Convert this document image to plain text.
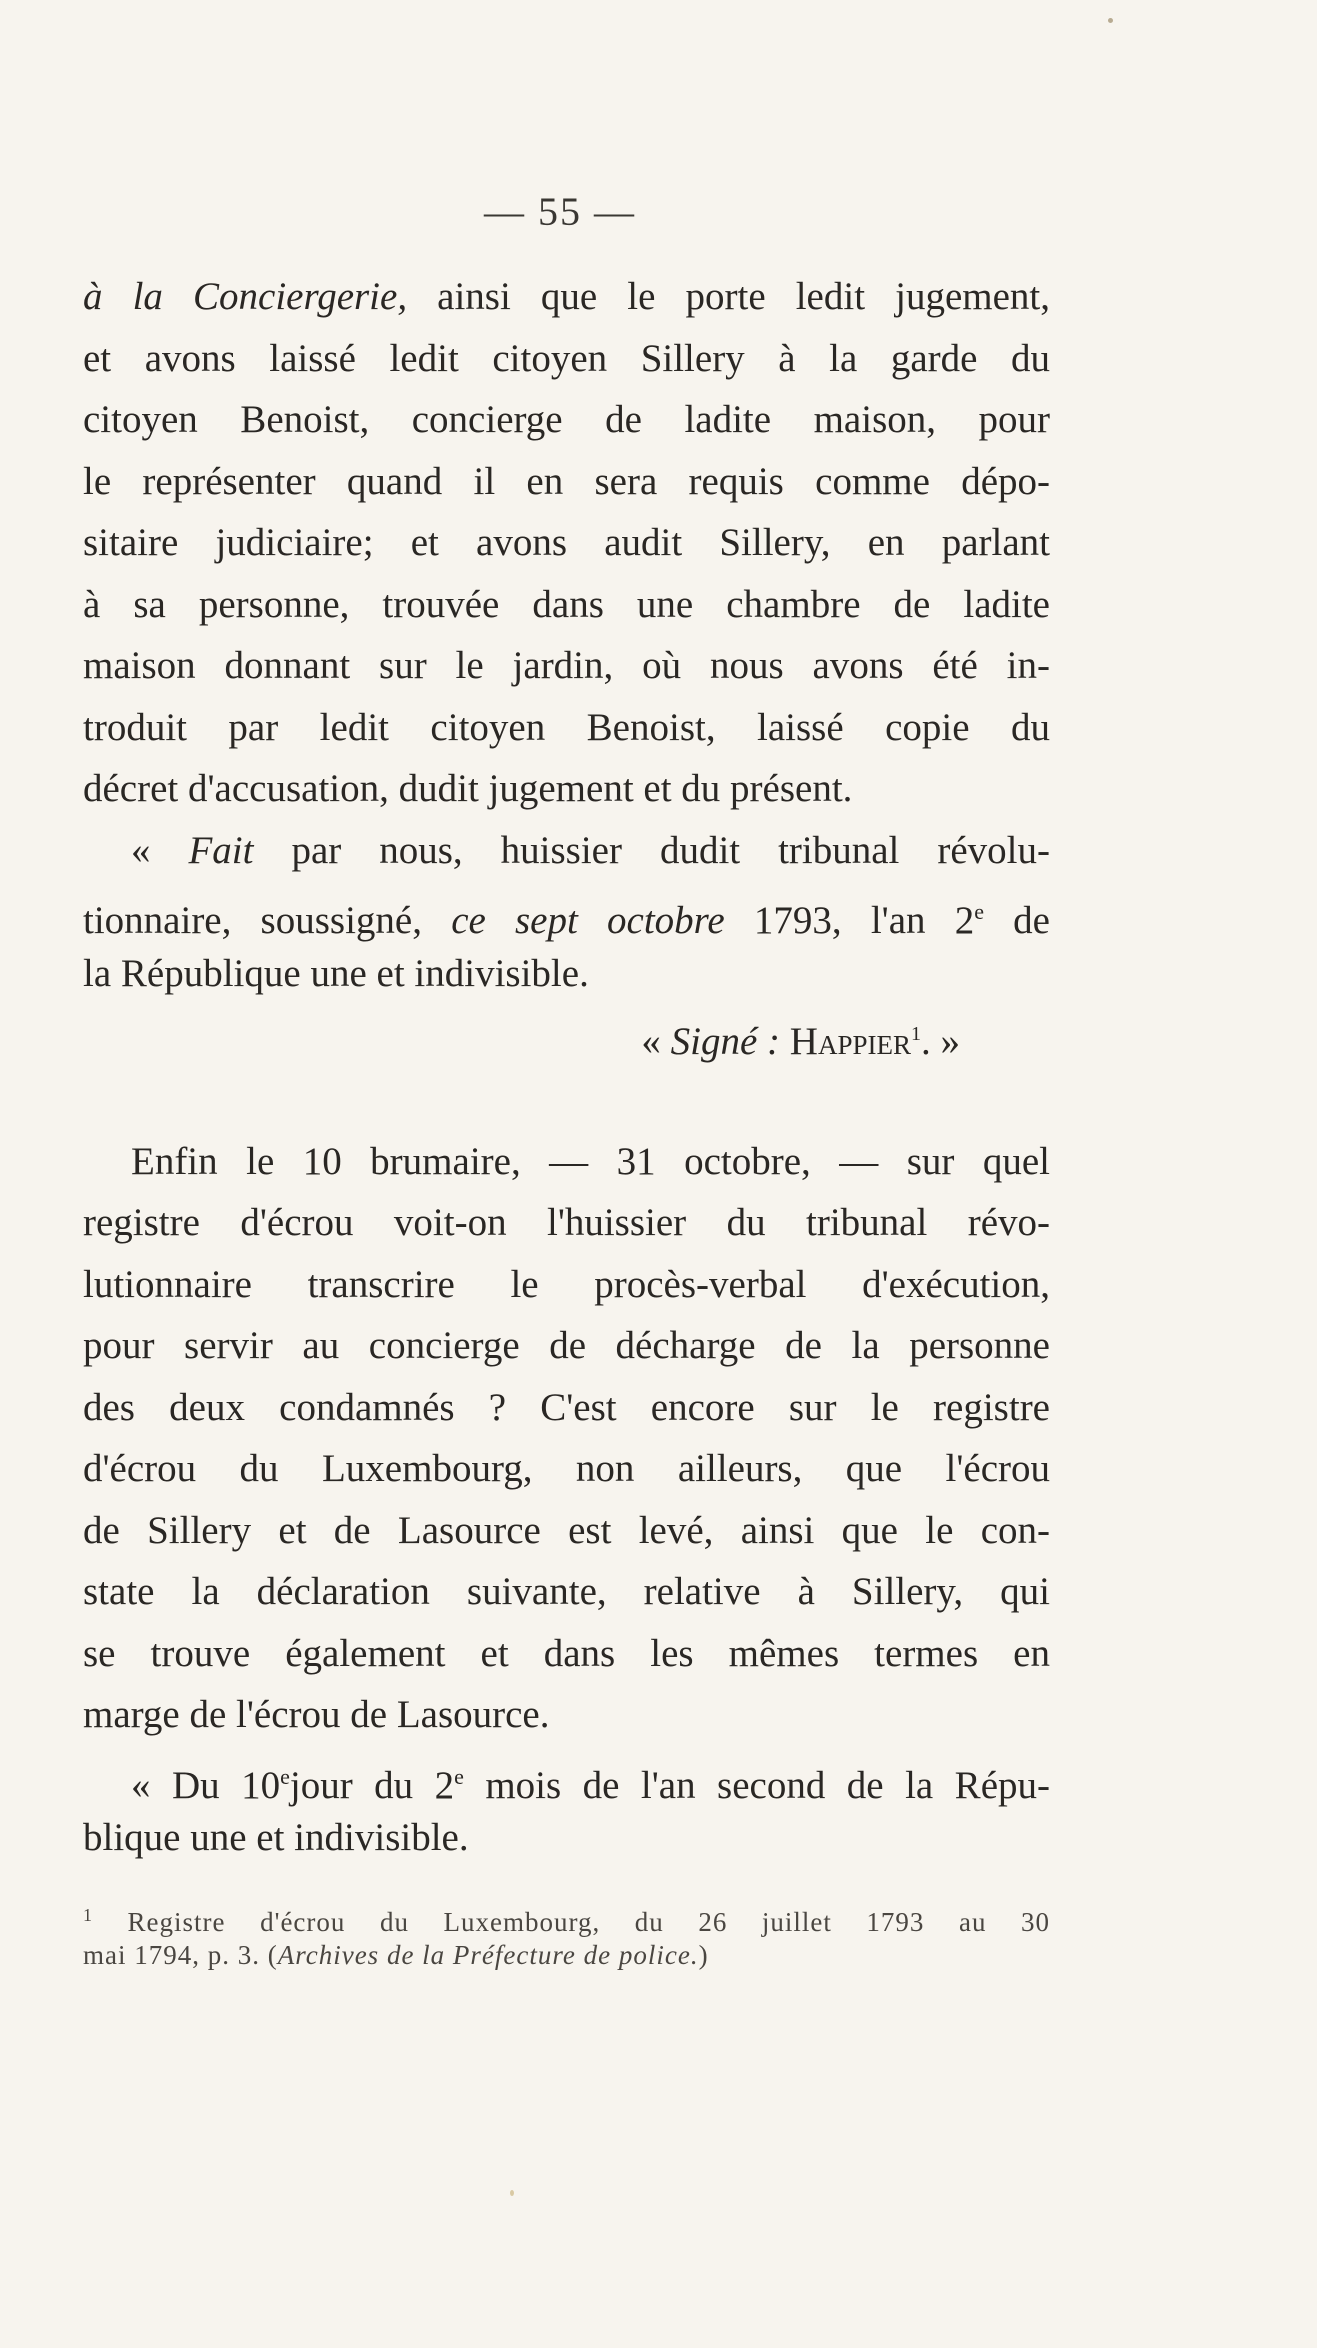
— 55 —
à la Conciergerie, ainsi que le porte ledit jugement,
et avons laissé ledit citoyen Sillery à la garde du
citoyen Benoist, concierge de ladite maison, pour
le représenter quand il en sera requis comme dépo-
sitaire judiciaire; et avons audit Sillery, en parlant
à sa personne, trouvée dans une chambre de ladite
maison donnant sur le jardin, où nous avons été in-
troduit par ledit citoyen Benoist, laissé copie du
décret d'accusation, dudit jugement et du présent.
« Fait par nous, huissier dudit tribunal révolu-
tionnaire, soussigné, ce sept octobre 1793, l'an 2e de
la République une et indivisible.
« Signé : Happier$^1$. »
Enfin le 10 brumaire, — 31 octobre, — sur quel
registre d'écrou voit-on l'huissier du tribunal révo-
lutionnaire transcrire le procès-verbal d'exécution,
pour servir au concierge de décharge de la personne
des deux condamnés ? C'est encore sur le registre
d'écrou du Luxembourg, non ailleurs, que l'écrou
de Sillery et de Lasource est levé, ainsi que le con-
state la déclaration suivante, relative à Sillery, qui
se trouve également et dans les mêmes termes en
marge de l'écrou de Lasource.
« Du 10ejour du 2e mois de l'an second de la Répu-
blique une et indivisible.
$^1$ Registre d'écrou du Luxembourg, du 26 juillet 1793 au 30
mai 1794, p. 3. (Archives de la Préfecture de police.)
